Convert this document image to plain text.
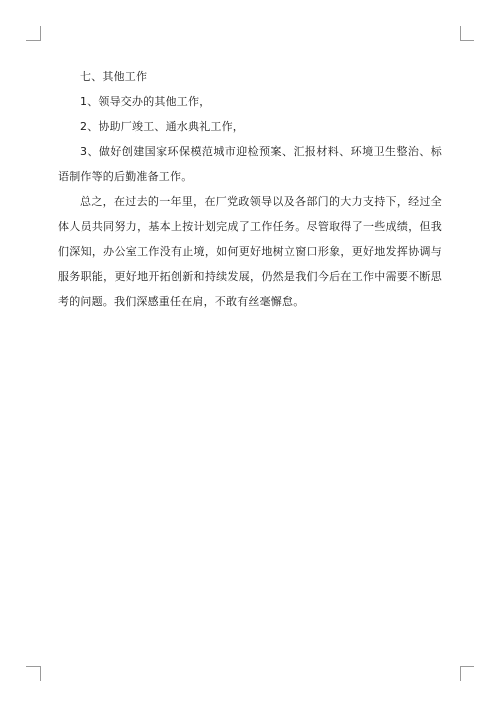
七、其他工作

1、领导交办的其他工作，

2、协助厂竣工、通水典礼工作，

3、做好创建国家环保模范城市迎检预案、汇报材料、环境卫生整治、标语制作等的后勤准备工作。

总之，在过去的一年里，在厂党政领导以及各部门的大力支持下，经过全体人员共同努力，基本上按计划完成了工作任务。尽管取得了一些成绩，但我们深知，办公室工作没有止境，如何更好地树立窗口形象，更好地发挥协调与服务职能，更好地开拓创新和持续发展，仍然是我们今后在工作中需要不断思考的问题。我们深感重任在肩，不敢有丝毫懈怠。
